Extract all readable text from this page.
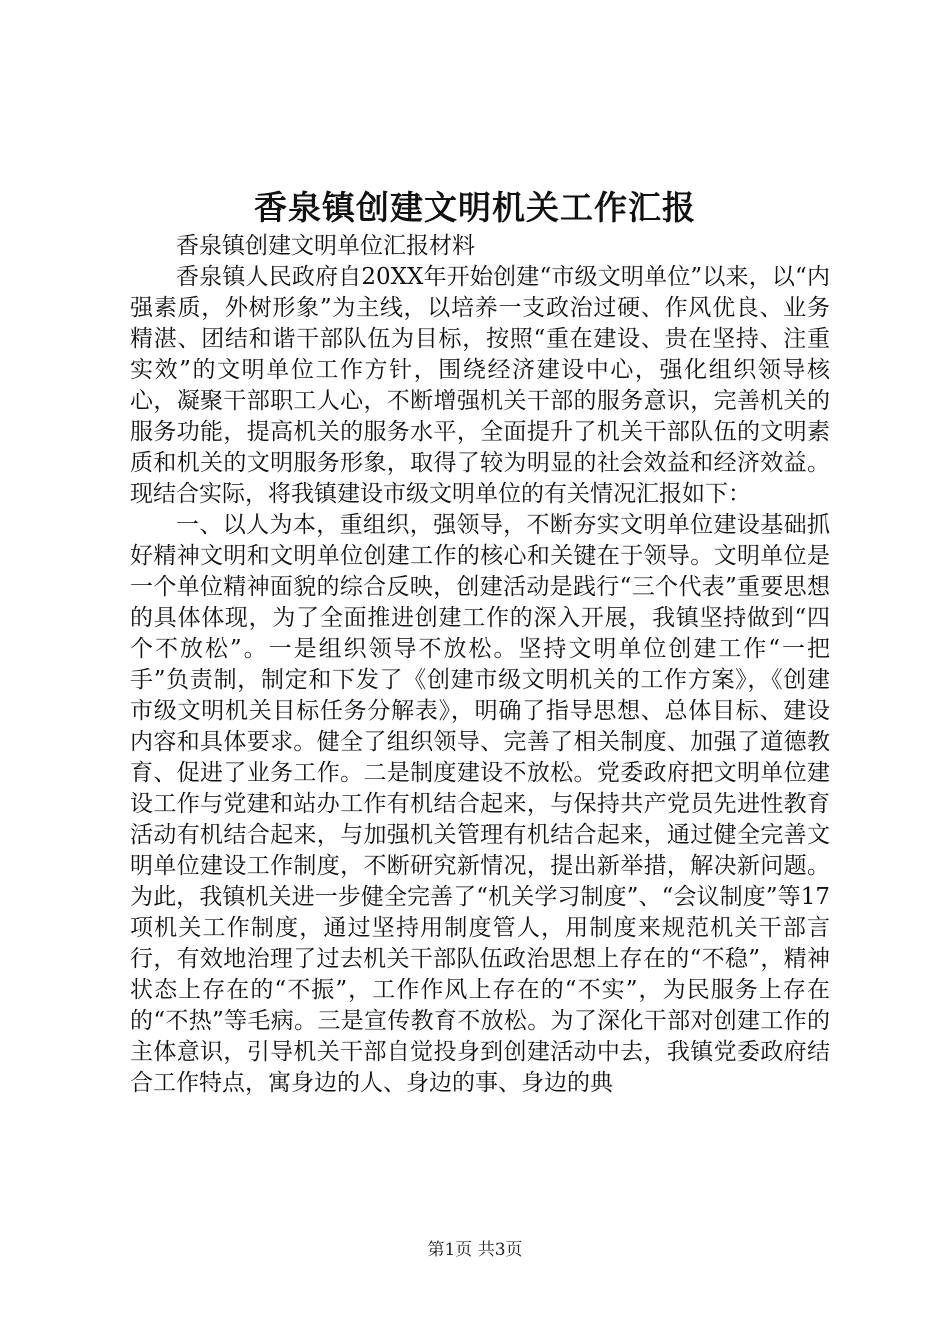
香泉镇创建文明机关工作汇报

香泉镇创建文明单位汇报材料

香泉镇人民政府自20XX年开始创建“市级文明单位”以来，以“内强素质，外树形象”为主线，以培养一支政治过硬、作风优良、业务精湛、团结和谐干部队伍为目标，按照“重在建设、贵在坚持、注重实效”的文明单位工作方针，围绕经济建设中心，强化组织领导核心，凝聚干部职工人心，不断增强机关干部的服务意识，完善机关的服务功能，提高机关的服务水平，全面提升了机关干部队伍的文明素质和机关的文明服务形象，取得了较为明显的社会效益和经济效益。现结合实际，将我镇建设市级文明单位的有关情况汇报如下：

一、以人为本，重组织，强领导，不断夯实文明单位建设基础抓好精神文明和文明单位创建工作的核心和关键在于领导。文明单位是一个单位精神面貌的综合反映，创建活动是践行“三个代表”重要思想的具体体现，为了全面推进创建工作的深入开展，我镇坚持做到“四个不放松”。一是组织领导不放松。坚持文明单位创建工作“一把手”负责制，制定和下发了《创建市级文明机关的工作方案》，《创建市级文明机关目标任务分解表》，明确了指导思想、总体目标、建设内容和具体要求。健全了组织领导、完善了相关制度、加强了道德教育、促进了业务工作。二是制度建设不放松。党委政府把文明单位建设工作与党建和站办工作有机结合起来，与保持共产党员先进性教育活动有机结合起来，与加强机关管理有机结合起来，通过健全完善文明单位建设工作制度，不断研究新情况，提出新举措，解决新问题。为此，我镇机关进一步健全完善了“机关学习制度”、“会议制度”等17项机关工作制度，通过坚持用制度管人，用制度来规范机关干部言行，有效地治理了过去机关干部队伍政治思想上存在的“不稳”，精神状态上存在的“不振”，工作作风上存在的“不实”，为民服务上存在的“不热”等毛病。三是宣传教育不放松。为了深化干部对创建工作的主体意识，引导机关干部自觉投身到创建活动中去，我镇党委政府结合工作特点，寓身边的人、身边的事、身边的典

第1页 共3页
